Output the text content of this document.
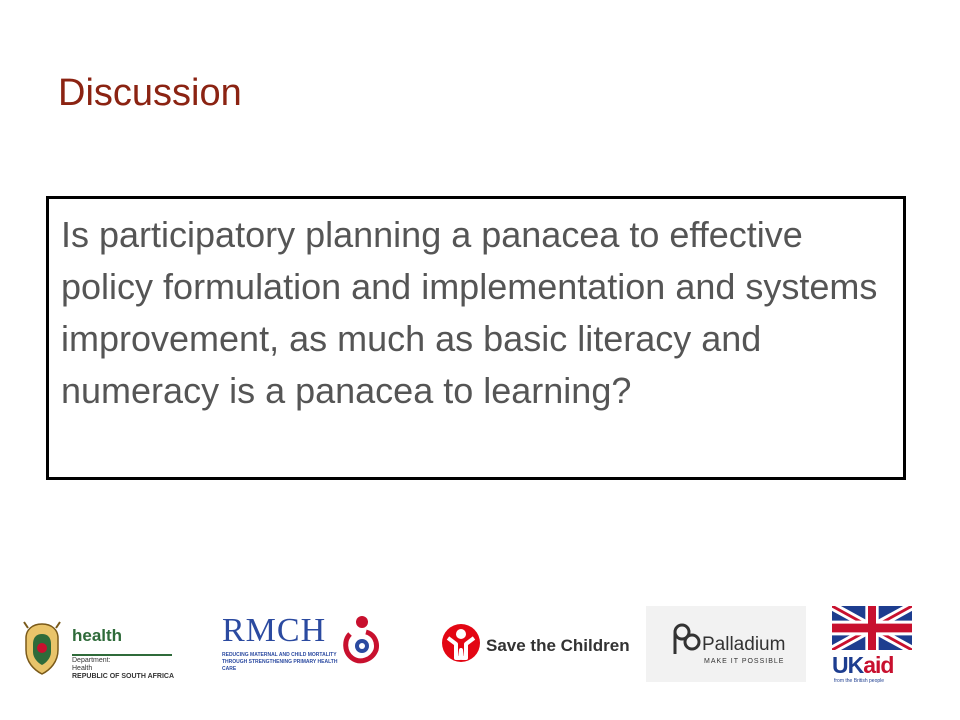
Discussion

Is participatory planning a panacea to effective policy formulation and implementation and systems improvement, as much as basic literacy and numeracy is a panacea to learning?

health
Department:
Health
REPUBLIC OF SOUTH AFRICA
RMCH
REDUCING MATERNAL AND CHILD MORTALITY
THROUGH STRENGTHENING PRIMARY HEALTH CARE
Save the Children	Palladium
MAKE IT POSSIBLE UKaid
from the British people
